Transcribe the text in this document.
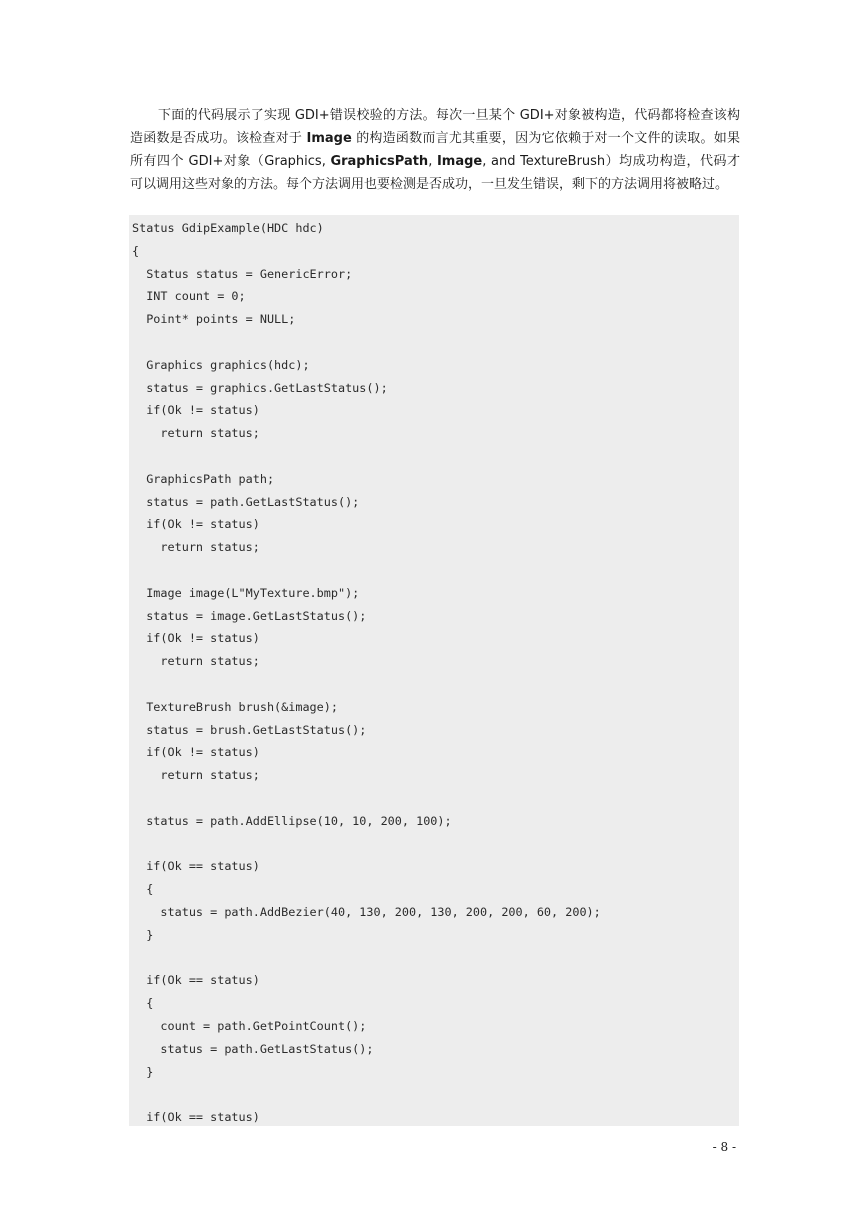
下面的代码展示了实现 GDI+错误校验的方法。每次一旦某个 GDI+对象被构造，代码都将检查该构造函数是否成功。该检查对于 Image 的构造函数而言尤其重要，因为它依赖于对一个文件的读取。如果所有四个 GDI+对象（Graphics, GraphicsPath, Image, and TextureBrush）均成功构造，代码才可以调用这些对象的方法。每个方法调用也要检测是否成功，一旦发生错误，剩下的方法调用将被略过。

Status GdipExample(HDC hdc)
{
Status status = GenericError;
INT count = 0;
Point* points = NULL;
Graphics graphics(hdc);
status = graphics.GetLastStatus();
if(Ok != status)
return status;
GraphicsPath path;
status = path.GetLastStatus();
if(Ok != status)
return status;
Image image(L"MyTexture.bmp");
status = image.GetLastStatus();
if(Ok != status)
return status;
TextureBrush brush(&image);
status = brush.GetLastStatus();
if(Ok != status)
return status;
status = path.AddEllipse(10, 10, 200, 100);
if(Ok == status)
{
status = path.AddBezier(40, 130, 200, 130, 200, 200, 60, 200);
}
if(Ok == status)
{
count = path.GetPointCount();
status = path.GetLastStatus();
}
if(Ok == status)
- 8 -
